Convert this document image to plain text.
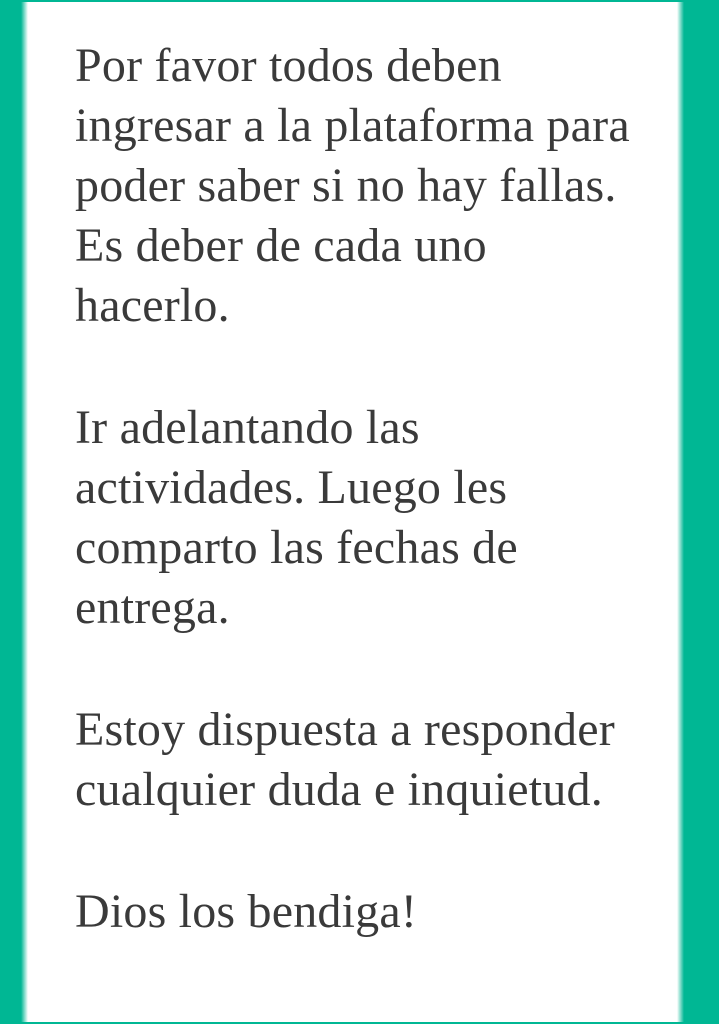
Por favor todos deben
ingresar a la plataforma para
poder saber si no hay fallas.
Es deber de cada uno
hacerlo.

Ir adelantando las
actividades. Luego les
comparto las fechas de
entrega.

Estoy dispuesta a responder
cualquier duda e inquietud.

Dios los bendiga!
